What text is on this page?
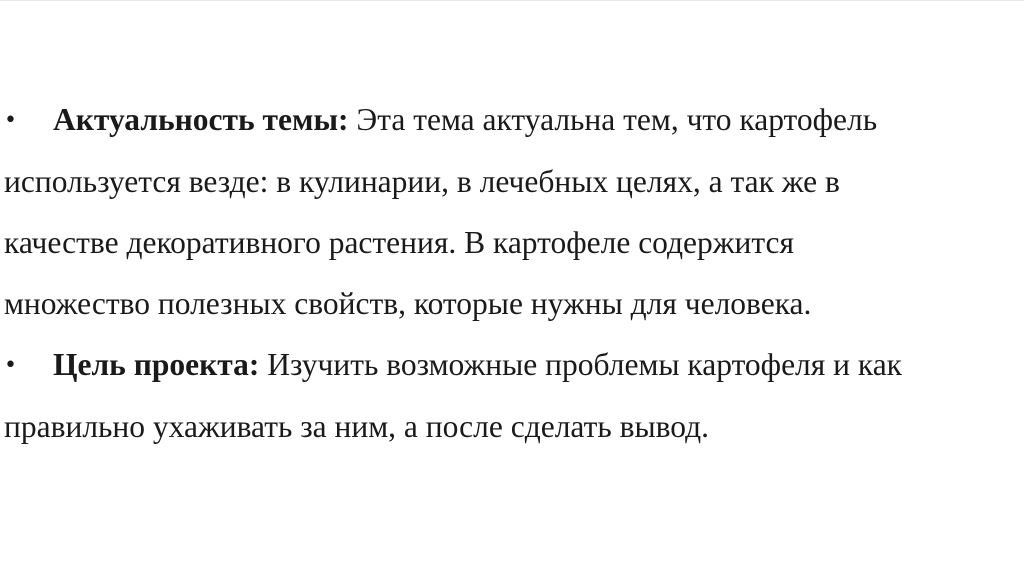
• Актуальность темы: Эта тема актуальна тем, что картофель
используется везде: в кулинарии, в лечебных целях, а так же в
качестве декоративного растения. В картофеле содержится
множество полезных свойств, которые нужны для человека.
• Цель проекта: Изучить возможные проблемы картофеля и как
правильно ухаживать за ним, а после сделать вывод.
